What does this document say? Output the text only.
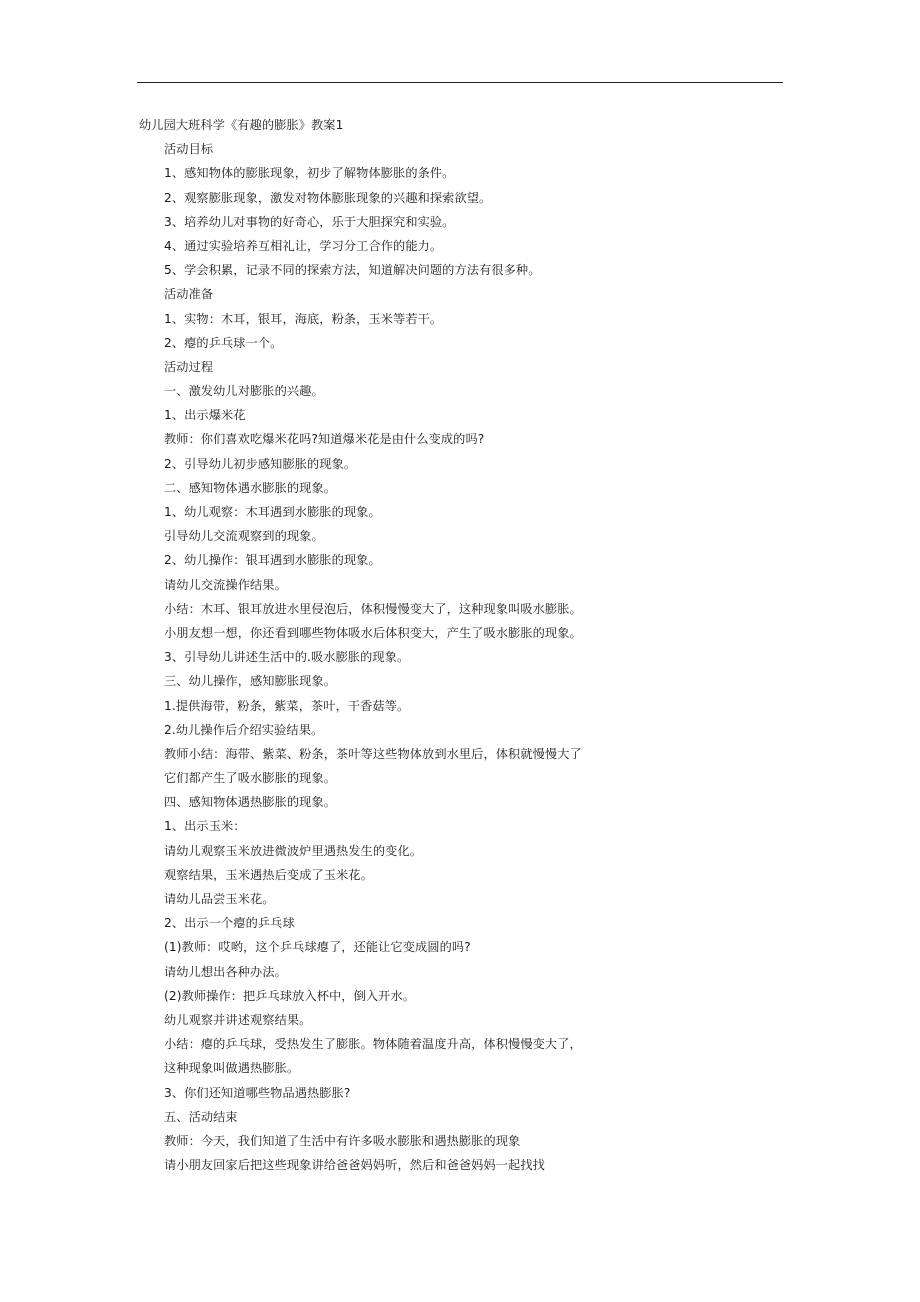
幼儿园大班科学《有趣的膨胀》教案1
活动目标
1、感知物体的膨胀现象，初步了解物体膨胀的条件。
2、观察膨胀现象，激发对物体膨胀现象的兴趣和探索欲望。
3、培养幼儿对事物的好奇心，乐于大胆探究和实验。
4、通过实验培养互相礼让，学习分工合作的能力。
5、学会积累，记录不同的探索方法，知道解决问题的方法有很多种。
活动准备
1、实物：木耳，银耳，海底，粉条，玉米等若干。
2、瘪的乒乓球一个。
活动过程
一、激发幼儿对膨胀的兴趣。
1、出示爆米花
教师：你们喜欢吃爆米花吗?知道爆米花是由什么变成的吗?
2、引导幼儿初步感知膨胀的现象。
二、感知物体遇水膨胀的现象。
1、幼儿观察：木耳遇到水膨胀的现象。
引导幼儿交流观察到的现象。
2、幼儿操作：银耳遇到水膨胀的现象。
请幼儿交流操作结果。
小结：木耳、银耳放进水里侵泡后，体积慢慢变大了，这种现象叫吸水膨胀。
小朋友想一想，你还看到哪些物体吸水后体积变大，产生了吸水膨胀的现象。
3、引导幼儿讲述生活中的.吸水膨胀的现象。
三、幼儿操作，感知膨胀现象。
1.提供海带，粉条，紫菜，茶叶，干香菇等。
2.幼儿操作后介绍实验结果。
教师小结：海带、紫菜、粉条，茶叶等这些物体放到水里后，体积就慢慢大了
它们都产生了吸水膨胀的现象。
四、感知物体遇热膨胀的现象。
1、出示玉米：
请幼儿观察玉米放进微波炉里遇热发生的变化。
观察结果，玉米遇热后变成了玉米花。
请幼儿品尝玉米花。
2、出示一个瘪的乒乓球
(1)教师：哎哟，这个乒乓球瘪了，还能让它变成圆的吗?
请幼儿想出各种办法。
(2)教师操作：把乒乓球放入杯中，倒入开水。
幼儿观察并讲述观察结果。
小结：瘪的乒乓球，受热发生了膨胀。物体随着温度升高，体积慢慢变大了，
这种现象叫做遇热膨胀。
3、你们还知道哪些物品遇热膨胀?
五、活动结束
教师：今天，我们知道了生活中有许多吸水膨胀和遇热膨胀的现象
请小朋友回家后把这些现象讲给爸爸妈妈听，然后和爸爸妈妈一起找找
